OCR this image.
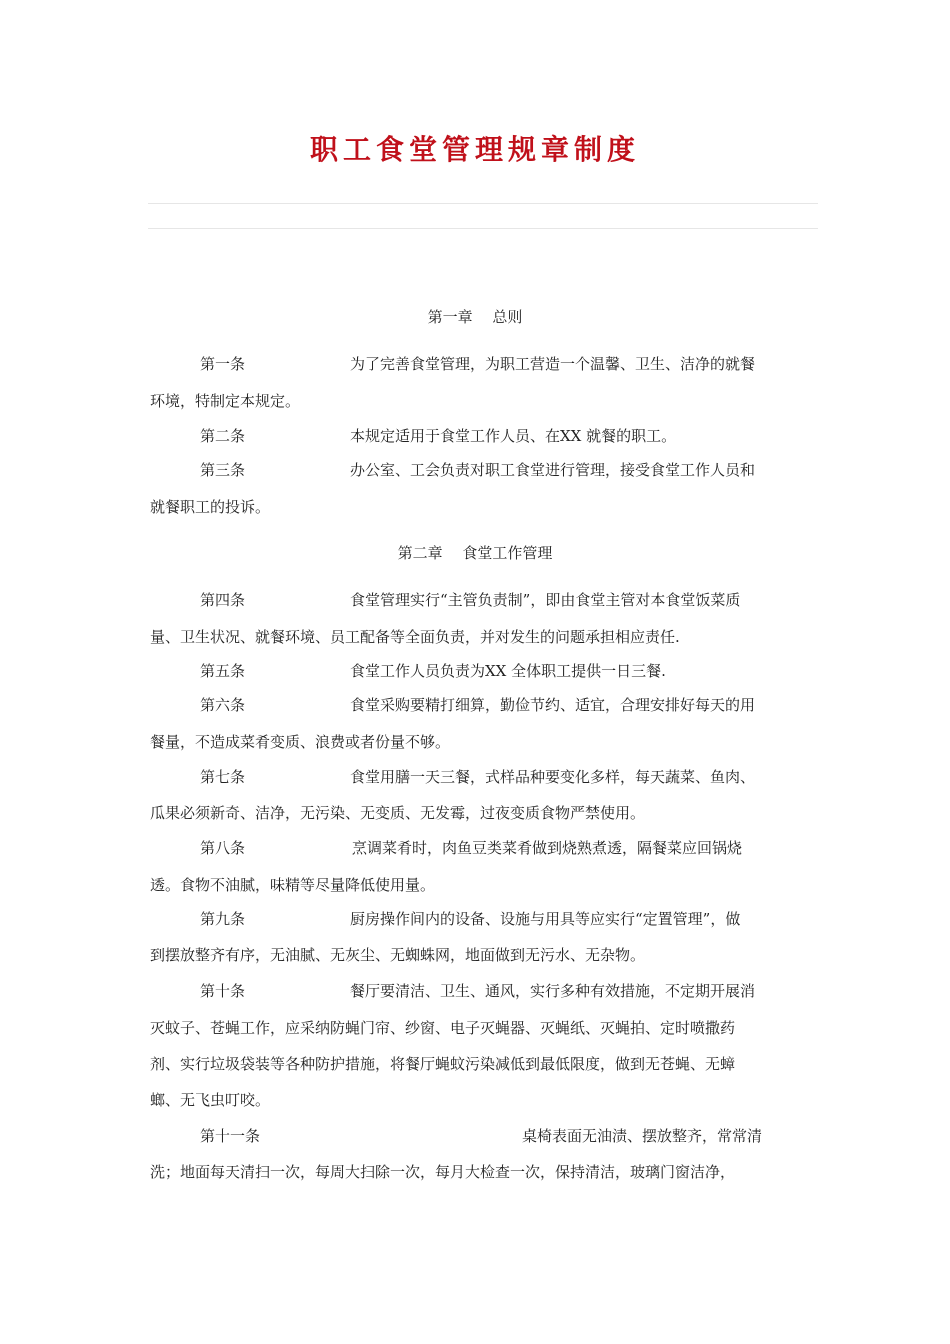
职工食堂管理规章制度
第一章　 总则
第一条	为了完善食堂管理，为职工营造一个温馨、卫生、洁净的就餐
环境，特制定本规定。
第二条	本规定适用于食堂工作人员、在XX 就餐的职工。
第三条	办公室、工会负责对职工食堂进行管理，接受食堂工作人员和
就餐职工的投诉。
第二章　 食堂工作管理
第四条	食堂管理实行“主管负责制”，即由食堂主管对本食堂饭菜质
量、卫生状况、就餐环境、员工配备等全面负责，并对发生的问题承担相应责任.
第五条	食堂工作人员负责为XX 全体职工提供一日三餐.
第六条	食堂采购要精打细算，勤俭节约、适宜，合理安排好每天的用
餐量，不造成菜肴变质、浪费或者份量不够。
第七条	食堂用膳一天三餐，式样品种要变化多样，每天蔬菜、鱼肉、
瓜果必须新奇、洁净，无污染、无变质、无发霉，过夜变质食物严禁使用。
第八条	烹调菜肴时，肉鱼豆类菜肴做到烧熟煮透，隔餐菜应回锅烧
透。食物不油腻，味精等尽量降低使用量。
第九条	厨房操作间内的设备、设施与用具等应实行“定置管理”，做
到摆放整齐有序，无油腻、无灰尘、无蜘蛛网，地面做到无污水、无杂物。
第十条	餐厅要清洁、卫生、通风，实行多种有效措施，不定期开展消
灭蚊子、苍蝇工作，应采纳防蝇门帘、纱窗、电子灭蝇器、灭蝇纸、灭蝇拍、定时喷撒药
剂、实行垃圾袋装等各种防护措施，将餐厅蝇蚊污染减低到最低限度，做到无苍蝇、无蟑
螂、无飞虫叮咬。
第十一条	桌椅表面无油渍、摆放整齐，常常清
洗；地面每天清扫一次，每周大扫除一次，每月大检查一次，保持清洁，玻璃门窗洁净，
